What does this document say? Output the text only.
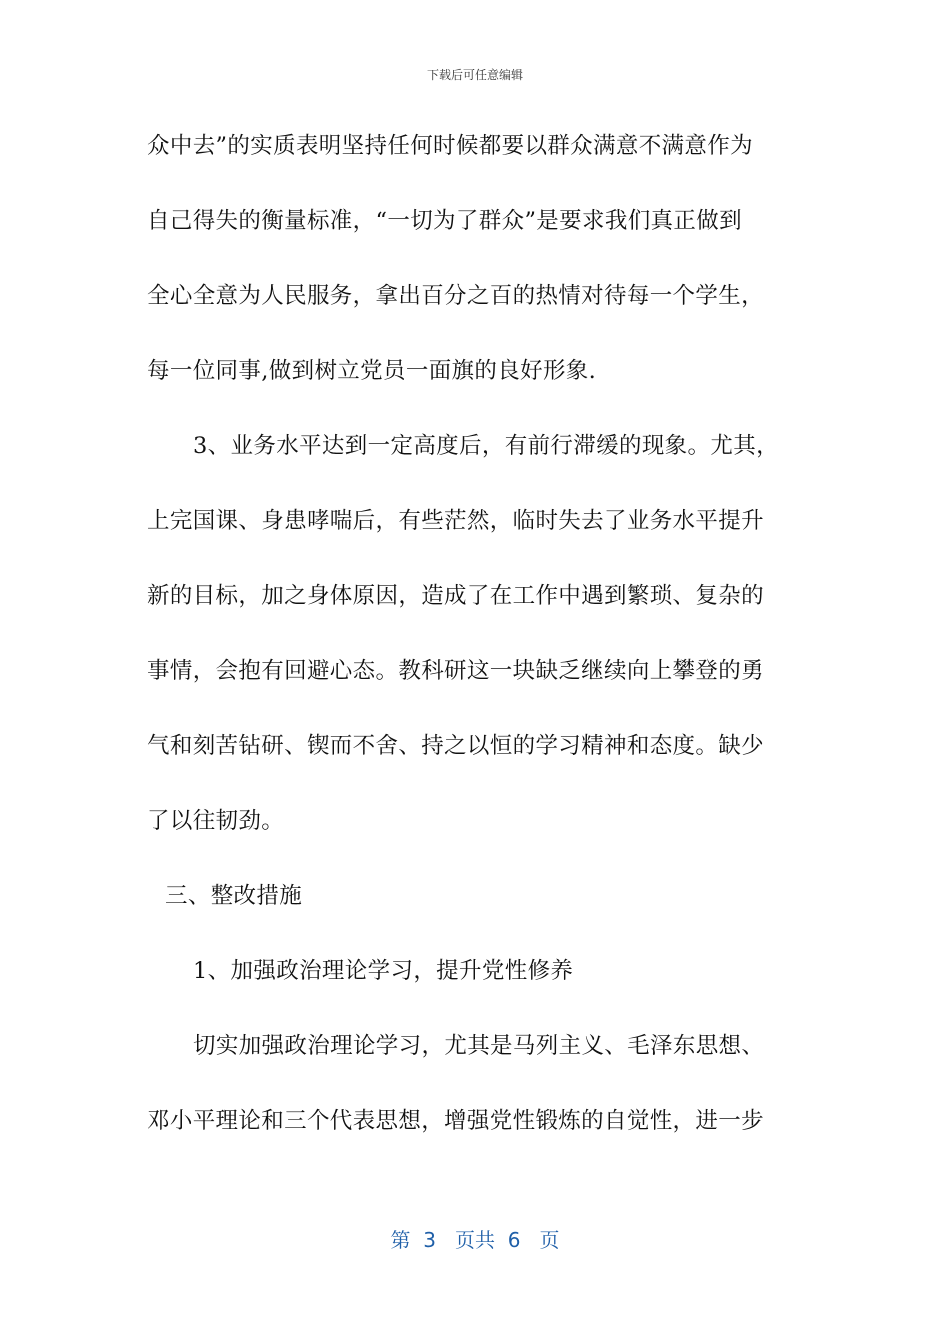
下载后可任意编辑
众中去”的实质表明坚持任何时候都要以群众满意不满意作为
自己得失的衡量标准，“一切为了群众”是要求我们真正做到
全心全意为人民服务，拿出百分之百的热情对待每一个学生，
每一位同事,做到树立党员一面旗的良好形象.
3、业务水平达到一定高度后，有前行滞缓的现象。尤其，
上完国课、身患哮喘后，有些茫然，临时失去了业务水平提升
新的目标，加之身体原因，造成了在工作中遇到繁琐、复杂的
事情，会抱有回避心态。教科研这一块缺乏继续向上攀登的勇
气和刻苦钻研、锲而不舍、持之以恒的学习精神和态度。缺少
了以往韧劲。
三、整改措施
1、加强政治理论学习，提升党性修养
切实加强政治理论学习，尤其是马列主义、毛泽东思想、
邓小平理论和三个代表思想，增强党性锻炼的自觉性，进一步
第  3   页共  6   页
